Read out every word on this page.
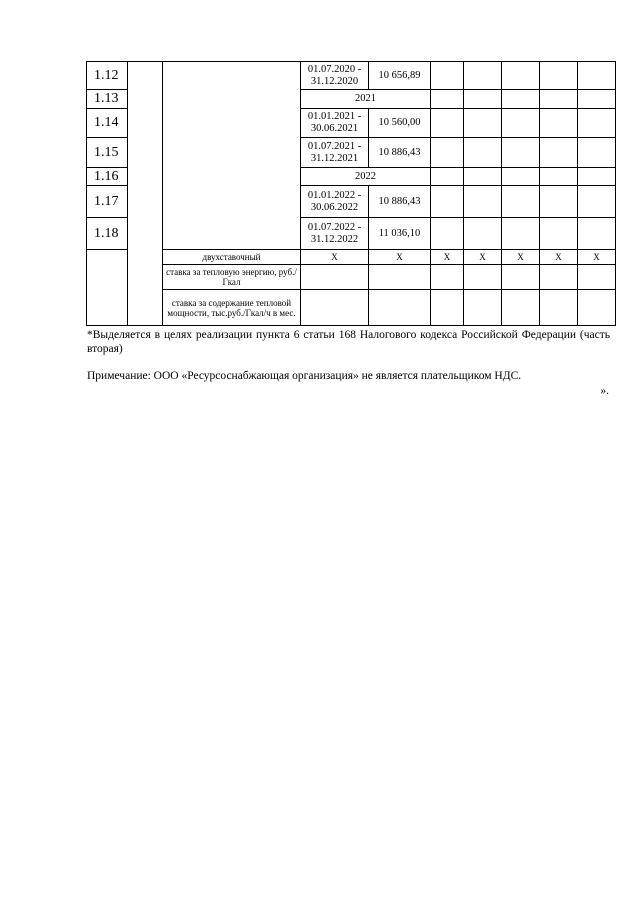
1.12			01.07.2020 - 31.12.2020	10 656,89					
1.13			2021						
1.14			01.01.2021 - 30.06.2021	10 560,00					
1.15			01.07.2021 - 31.12.2021	10 886,43					
1.16			2022						
1.17			01.01.2022 - 30.06.2022	10 886,43					
1.18			01.07.2022 - 31.12.2022	11 036,10					
		двухставочный	X	X	X	X	X	X	X
		ставка за тепловую энергию, руб./Гкал							
		ставка за содержание тепловой мощности, тыс.руб./Гкал/ч в мес.							
*Выделяется в целях реализации пункта 6 статьи 168 Налогового кодекса Российской Федерации (часть вторая)
Примечание: ООО «Ресурсоснабжающая организация» не является плательщиком НДС.
».
